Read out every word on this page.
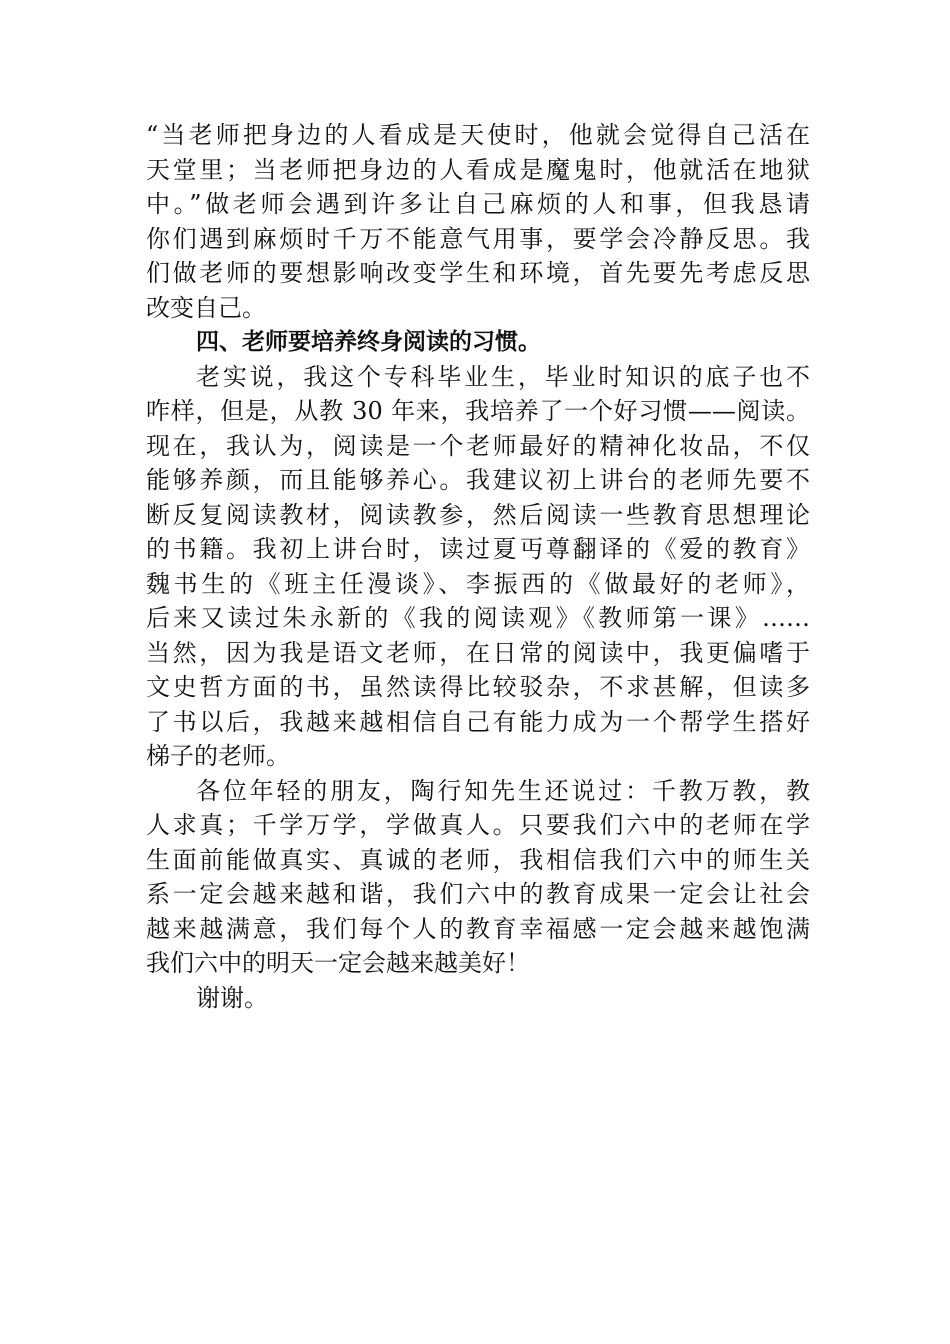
“当老师把身边的人看成是天使时，他就会觉得自己活在
天堂里；当老师把身边的人看成是魔鬼时，他就活在地狱
中。”做老师会遇到许多让自己麻烦的人和事，但我恳请
你们遇到麻烦时千万不能意气用事，要学会冷静反思。我
们做老师的要想影响改变学生和环境，首先要先考虑反思
改变自己。
四、老师要培养终身阅读的习惯。
老实说，我这个专科毕业生，毕业时知识的底子也不
咋样，但是，从教 30 年来，我培养了一个好习惯——阅读。
现在，我认为，阅读是一个老师最好的精神化妆品，不仅
能够养颜，而且能够养心。我建议初上讲台的老师先要不
断反复阅读教材，阅读教参，然后阅读一些教育思想理论
的书籍。我初上讲台时，读过夏丏尊翻译的《爱的教育》
魏书生的《班主任漫谈》、李振西的《做最好的老师》，
后来又读过朱永新的《我的阅读观》《教师第一课》……
当然，因为我是语文老师，在日常的阅读中，我更偏嗜于
文史哲方面的书，虽然读得比较驳杂，不求甚解，但读多
了书以后，我越来越相信自己有能力成为一个帮学生搭好
梯子的老师。
各位年轻的朋友，陶行知先生还说过：千教万教，教
人求真；千学万学，学做真人。只要我们六中的老师在学
生面前能做真实、真诚的老师，我相信我们六中的师生关
系一定会越来越和谐，我们六中的教育成果一定会让社会
越来越满意，我们每个人的教育幸福感一定会越来越饱满
我们六中的明天一定会越来越美好！
谢谢。
